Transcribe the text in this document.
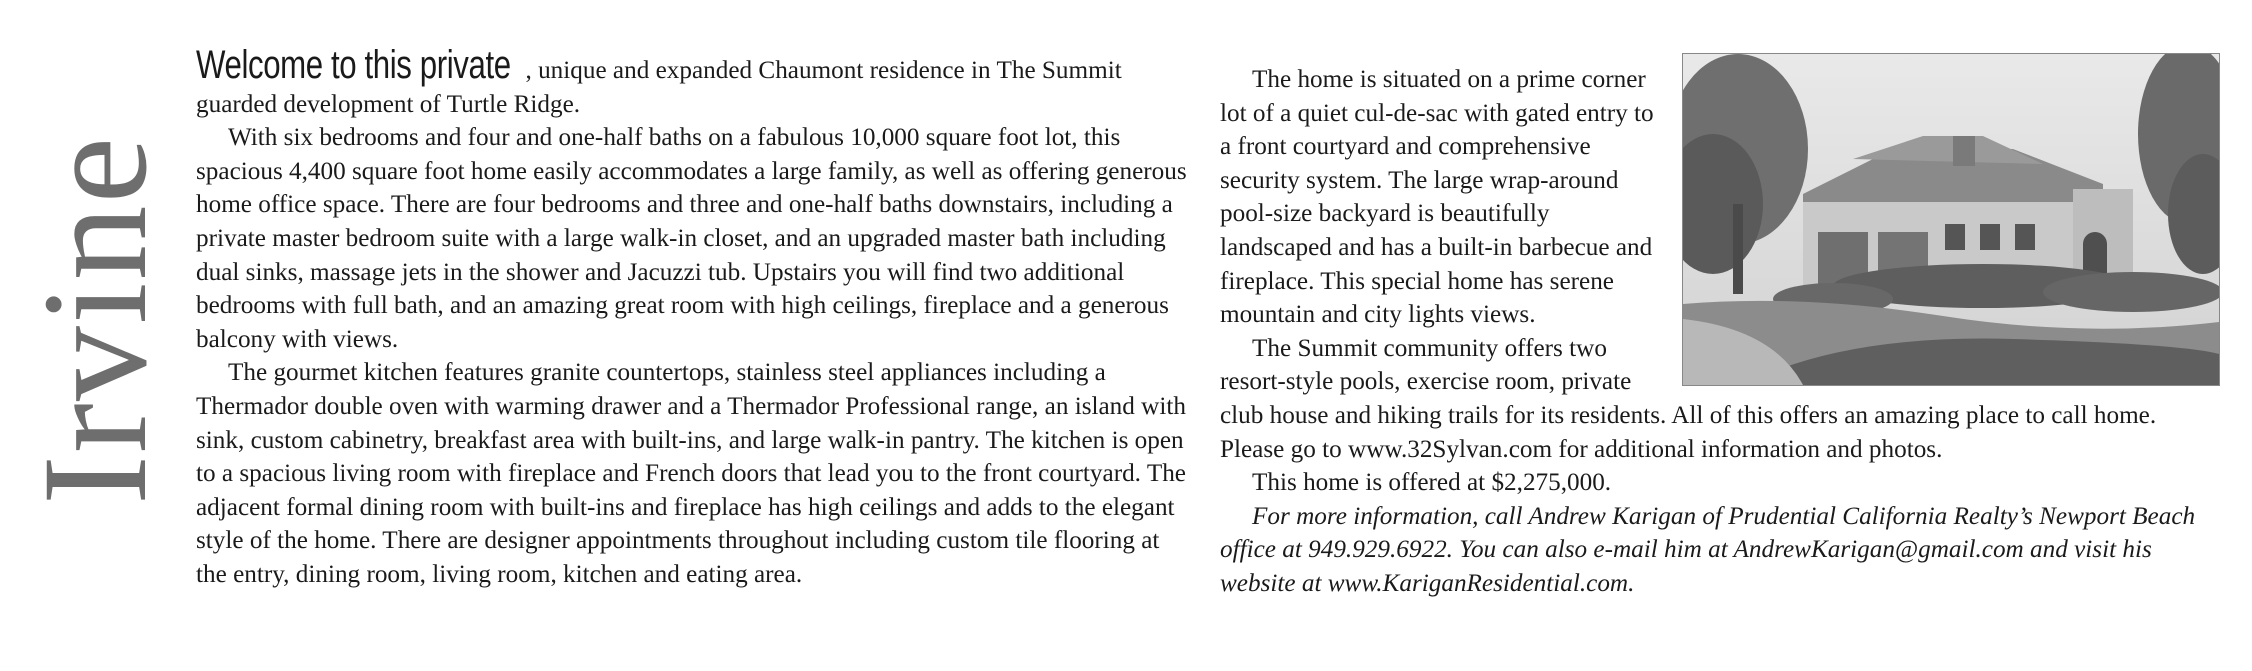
Irvine

Welcome to this private , unique and expanded Chaumont residence in The Summit guarded development of Turtle Ridge.

With six bedrooms and four and one-half baths on a fabulous 10,000 square foot lot, this spacious 4,400 square foot home easily accommodates a large family, as well as offering generous home office space. There are four bedrooms and three and one-half baths downstairs, including a private master bedroom suite with a large walk-in closet, and an upgraded master bath including dual sinks, massage jets in the shower and Jacuzzi tub. Upstairs you will find two additional bedrooms with full bath, and an amazing great room with high ceilings, fireplace and a generous balcony with views.

The gourmet kitchen features granite countertops, stainless steel appliances including a Thermador double oven with warming drawer and a Thermador Professional range, an island with sink, custom cabinetry, breakfast area with built-ins, and large walk-in pantry. The kitchen is open to a spacious living room with fireplace and French doors that lead you to the front courtyard. The adjacent formal dining room with built-ins and fireplace has high ceilings and adds to the elegant style of the home. There are designer appointments throughout including custom tile flooring at the entry, dining room, living room, kitchen and eating area.

The home is situated on a prime corner lot of a quiet cul-de-sac with gated entry to a front courtyard and comprehensive security system. The large wrap-around pool-size backyard is beautifully landscaped and has a built-in barbecue and fireplace. This special home has serene mountain and city lights views.

The Summit community offers two resort-style pools, exercise room, private club house and hiking trails for its residents. All of this offers an amazing place to call home. Please go to www.32Sylvan.com for additional information and photos.

This home is offered at $2,275,000.

For more information, call Andrew Karigan of Prudential California Realty’s Newport Beach office at 949.929.6922. You can also e-mail him at AndrewKarigan@gmail.com and visit his website at www.KariganResidential.com.
